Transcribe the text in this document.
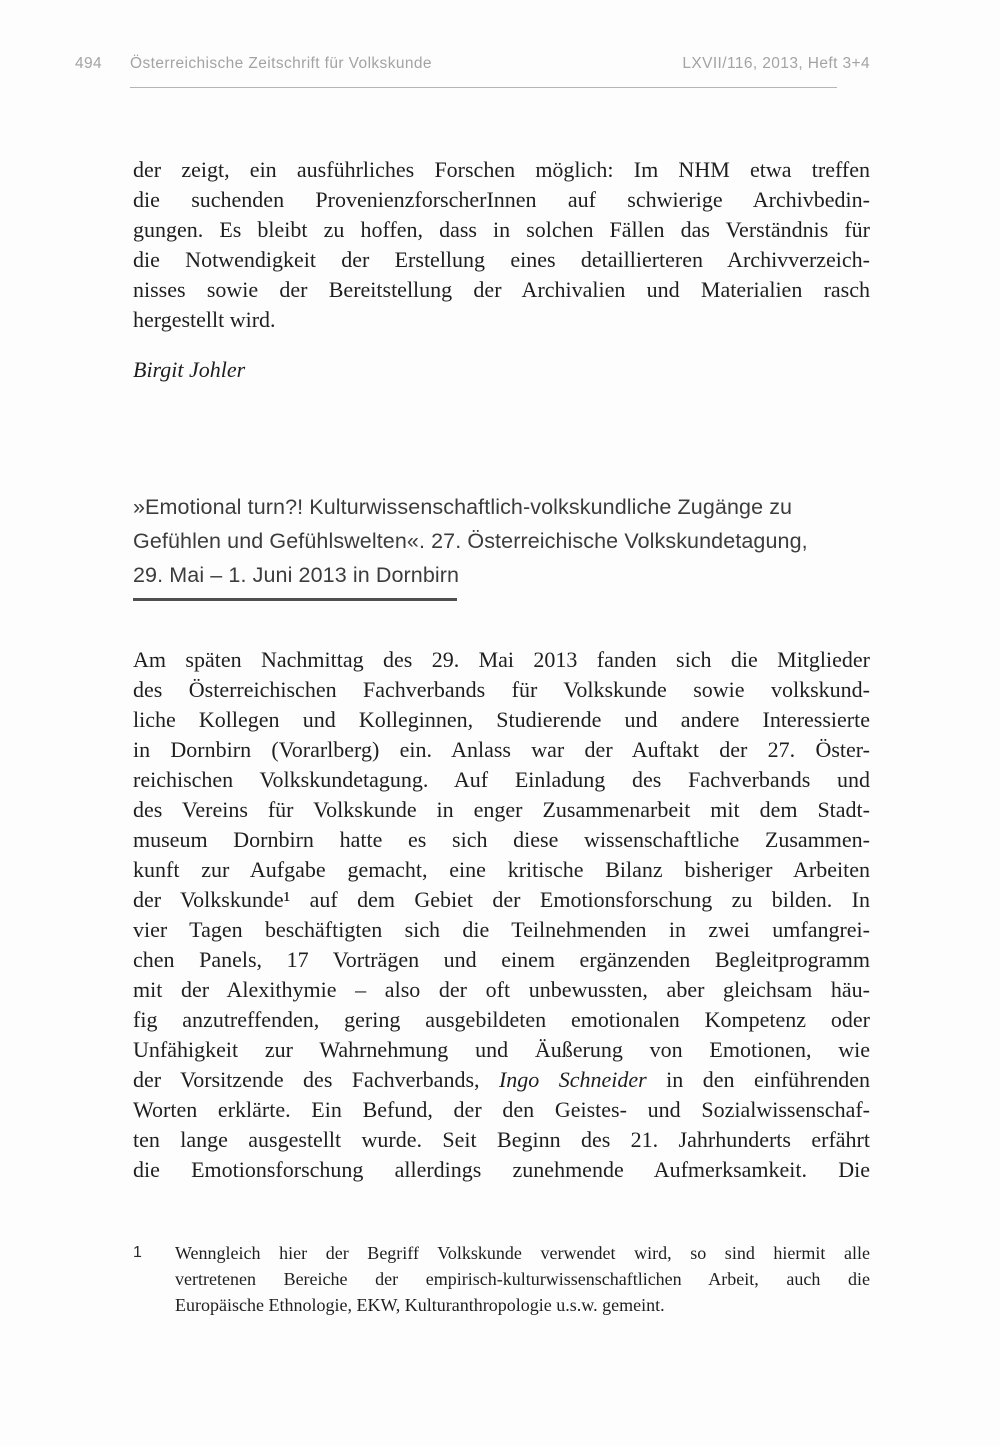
494 Österreichische Zeitschrift für Volkskunde	LXVII/116, 2013, Heft 3+4
der zeigt, ein ausführliches Forschen möglich: Im NHM etwa treffen
die suchenden ProvenienzforscherInnen auf schwierige Archivbedin-
gungen. Es bleibt zu hoffen, dass in solchen Fällen das Verständnis für
die Notwendigkeit der Erstellung eines detaillierteren Archivverzeich-
nisses sowie der Bereitstellung der Archivalien und Materialien rasch
hergestellt wird.
Birgit Johler
»Emotional turn?! Kulturwissenschaftlich-volkskundliche Zugänge zu
Gefühlen und Gefühlswelten«. 27. Österreichische Volkskundetagung,
29. Mai – 1. Juni 2013 in Dornbirn
Am späten Nachmittag des 29. Mai 2013 fanden sich die Mitglieder
des Österreichischen Fachverbands für Volkskunde sowie volkskund-
liche Kollegen und Kolleginnen, Studierende und andere Interessierte
in Dornbirn (Vorarlberg) ein. Anlass war der Auftakt der 27. Öster-
reichischen Volkskundetagung. Auf Einladung des Fachverbands und
des Vereins für Volkskunde in enger Zusammenarbeit mit dem Stadt-
museum Dornbirn hatte es sich diese wissenschaftliche Zusammen-
kunft zur Aufgabe gemacht, eine kritische Bilanz bisheriger Arbeiten
der Volkskunde¹ auf dem Gebiet der Emotionsforschung zu bilden. In
vier Tagen beschäftigten sich die Teilnehmenden in zwei umfangrei-
chen Panels, 17 Vorträgen und einem ergänzenden Begleitprogramm
mit der Alexithymie – also der oft unbewussten, aber gleichsam häu-
fig anzutreffenden, gering ausgebildeten emotionalen Kompetenz oder
Unfähigkeit zur Wahrnehmung und Äußerung von Emotionen, wie
der Vorsitzende des Fachverbands, Ingo Schneider in den einführenden
Worten erklärte. Ein Befund, der den Geistes- und Sozialwissenschaf-
ten lange ausgestellt wurde. Seit Beginn des 21. Jahrhunderts erfährt
die Emotionsforschung allerdings zunehmende Aufmerksamkeit. Die
1	Wenngleich hier der Begriff Volkskunde verwendet wird, so sind hiermit alle
vertretenen Bereiche der empirisch-kulturwissenschaftlichen Arbeit, auch die
Europäische Ethnologie, EKW, Kulturanthropologie u.s.w. gemeint.
